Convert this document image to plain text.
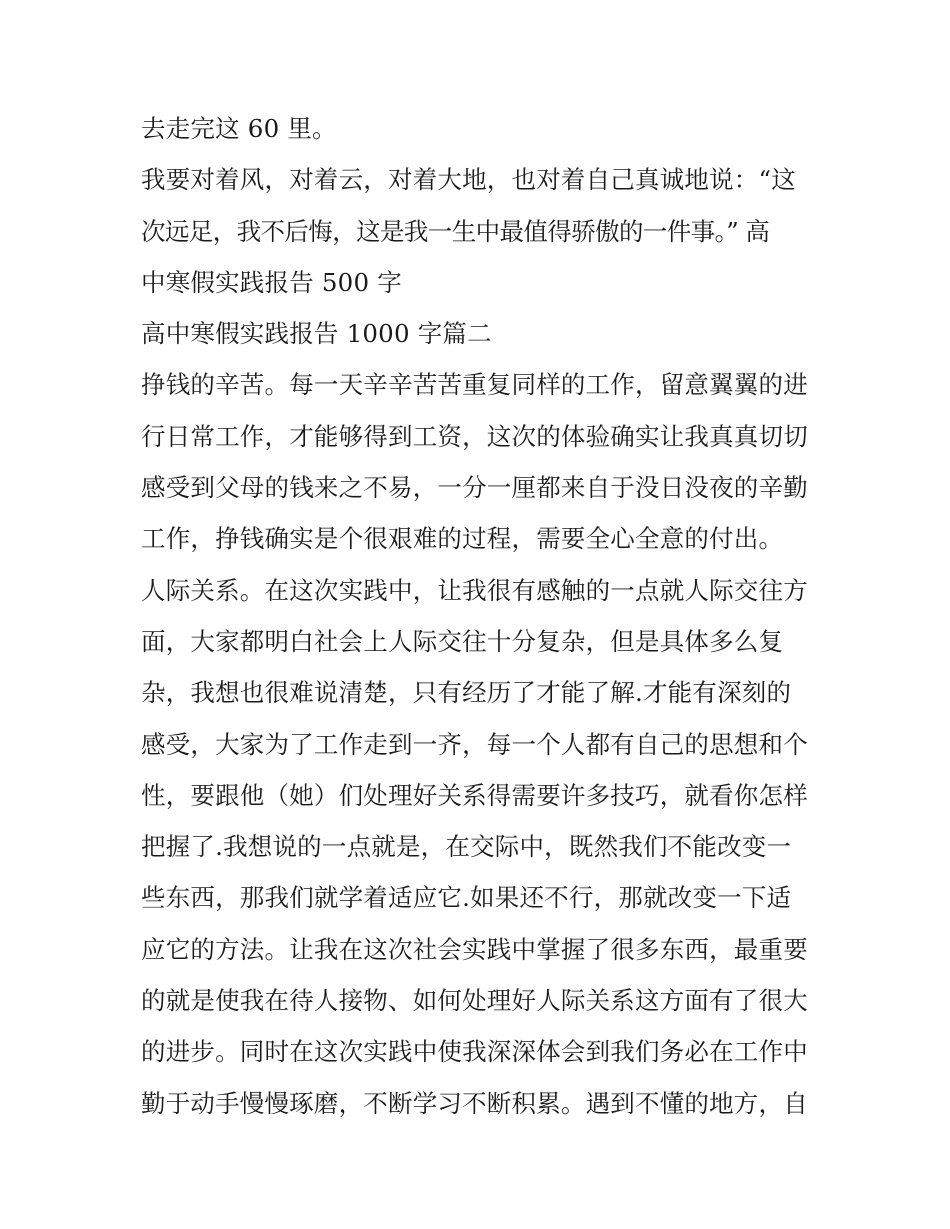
去走完这 60 里。
我要对着风，对着云，对着大地，也对着自己真诚地说：“这
次远足，我不后悔，这是我一生中最值得骄傲的一件事。” 高
中寒假实践报告 500 字
高中寒假实践报告 1000 字篇二
挣钱的辛苦。每一天辛辛苦苦重复同样的工作，留意翼翼的进
行日常工作，才能够得到工资，这次的体验确实让我真真切切
感受到父母的钱来之不易，一分一厘都来自于没日没夜的辛勤
工作，挣钱确实是个很艰难的过程，需要全心全意的付出。
人际关系。在这次实践中，让我很有感触的一点就人际交往方
面，大家都明白社会上人际交往十分复杂，但是具体多么复
杂，我想也很难说清楚，只有经历了才能了解.才能有深刻的
感受，大家为了工作走到一齐，每一个人都有自己的思想和个
性，要跟他（她）们处理好关系得需要许多技巧，就看你怎样
把握了.我想说的一点就是，在交际中，既然我们不能改变一
些东西，那我们就学着适应它.如果还不行，那就改变一下适
应它的方法。让我在这次社会实践中掌握了很多东西，最重要
的就是使我在待人接物、如何处理好人际关系这方面有了很大
的进步。同时在这次实践中使我深深体会到我们务必在工作中
勤于动手慢慢琢磨，不断学习不断积累。遇到不懂的地方，自
